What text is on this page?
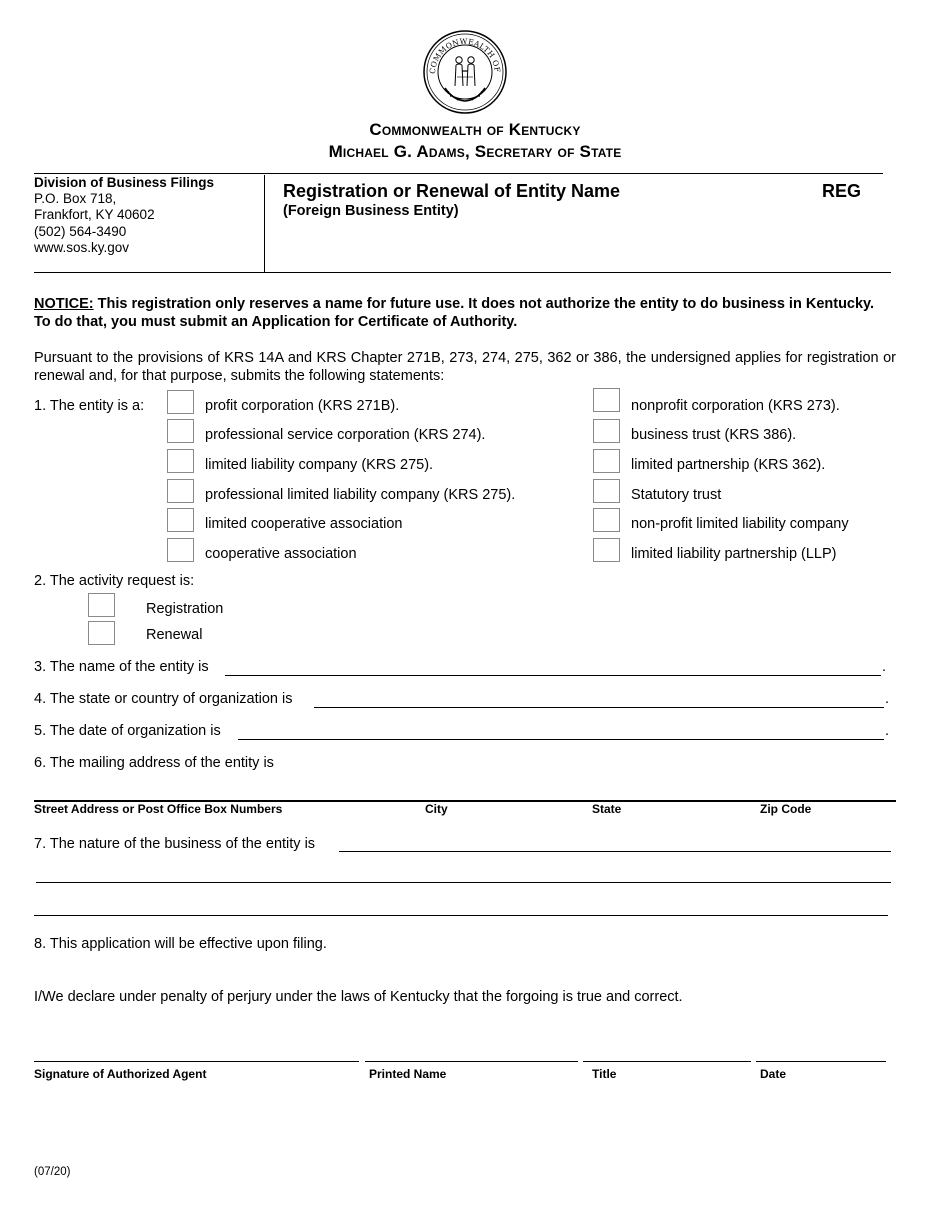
COMMONWEALTH OF
Commonwealth of Kentucky
Michael G. Adams, Secretary of State
Division of Business Filings
P.O. Box 718,
Frankfort, KY 40602
(502) 564-3490
www.sos.ky.gov
Registration or Renewal of Entity Name
(Foreign Business Entity)
REG
NOTICE: This registration only reserves a name for future use. It does not authorize the entity to do business in Kentucky. To do that, you must submit an Application for Certificate of Authority.
Pursuant to the provisions of KRS 14A and KRS Chapter 271B, 273, 274, 275, 362 or 386, the undersigned applies for registration or renewal and, for that purpose, submits the following statements:
1. The entity is a:	profit corporation (KRS 271B).
professional service corporation (KRS 274).
limited liability company (KRS 275).
professional limited liability company (KRS 275).
limited cooperative association
cooperative association
nonprofit corporation (KRS 273).
business trust (KRS 386).
limited partnership (KRS 362).
Statutory trust
non-profit limited liability company
limited liability partnership (LLP)
2. The activity request is:
Registration
Renewal
3. The name of the entity is	.
4. The state or country of organization is	.
5. The date of organization is	.
6. The mailing address of the entity is
Street Address or Post Office Box Numbers	City	State	Zip Code
7. The nature of the business of the entity is
8. This application will be effective upon filing.
I/We declare under penalty of perjury under the laws of Kentucky that the forgoing is true and correct.
Signature of Authorized Agent	Printed Name	Title	Date
(07/20)
